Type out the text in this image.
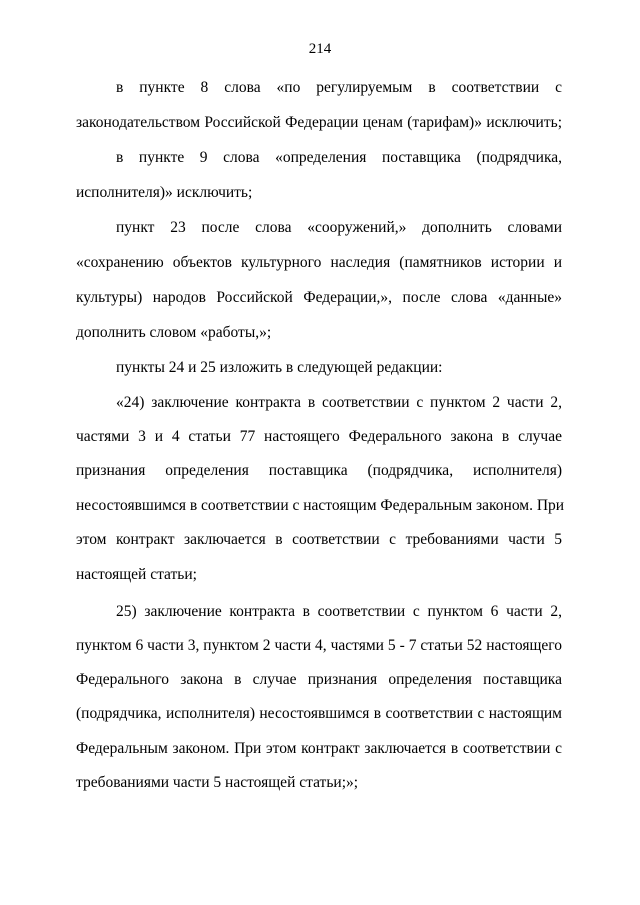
214
в пункте 8 слова «по регулируемым в соответствии с
законодательством Российской Федерации ценам (тарифам)» исключить;
в пункте 9 слова «определения поставщика (подрядчика,
исполнителя)» исключить;
пункт 23 после слова «сооружений,» дополнить словами
«сохранению объектов культурного наследия (памятников истории и
культуры) народов Российской Федерации,», после слова «данные»
дополнить словом «работы,»;
пункты 24 и 25 изложить в следующей редакции:
«24) заключение контракта в соответствии с пунктом 2 части 2,
частями 3 и 4 статьи 77 настоящего Федерального закона в случае
признания определения поставщика (подрядчика, исполнителя)
несостоявшимся в соответствии с настоящим Федеральным законом. При
этом контракт заключается в соответствии с требованиями части 5
настоящей статьи;
25) заключение контракта в соответствии с пунктом 6 части 2,
пунктом 6 части 3, пунктом 2 части 4, частями 5 - 7 статьи 52 настоящего
Федерального закона в случае признания определения поставщика
(подрядчика, исполнителя) несостоявшимся в соответствии с настоящим
Федеральным законом. При этом контракт заключается в соответствии с
требованиями части 5 настоящей статьи;»;
